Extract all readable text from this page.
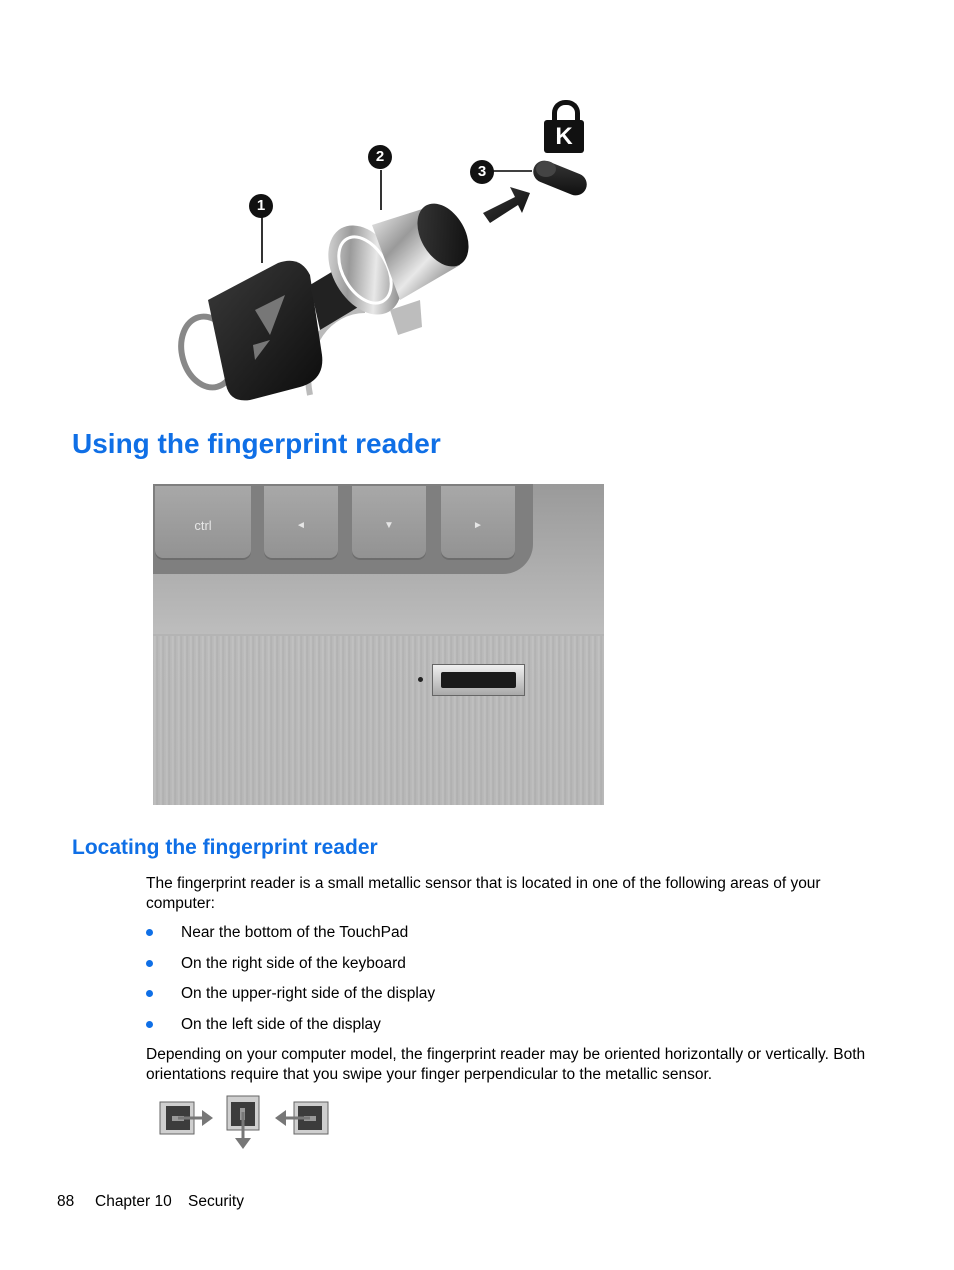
1
2
3
K
Using the fingerprint reader
ctrl	◄	▼	►
Locating the fingerprint reader
The fingerprint reader is a small metallic sensor that is located in one of the following areas of your computer:
Near the bottom of the TouchPad
On the right side of the keyboard
On the upper-right side of the display
On the left side of the display
Depending on your computer model, the fingerprint reader may be oriented horizontally or vertically. Both orientations require that you swipe your finger perpendicular to the metallic sensor.
88 Chapter 10 Security
